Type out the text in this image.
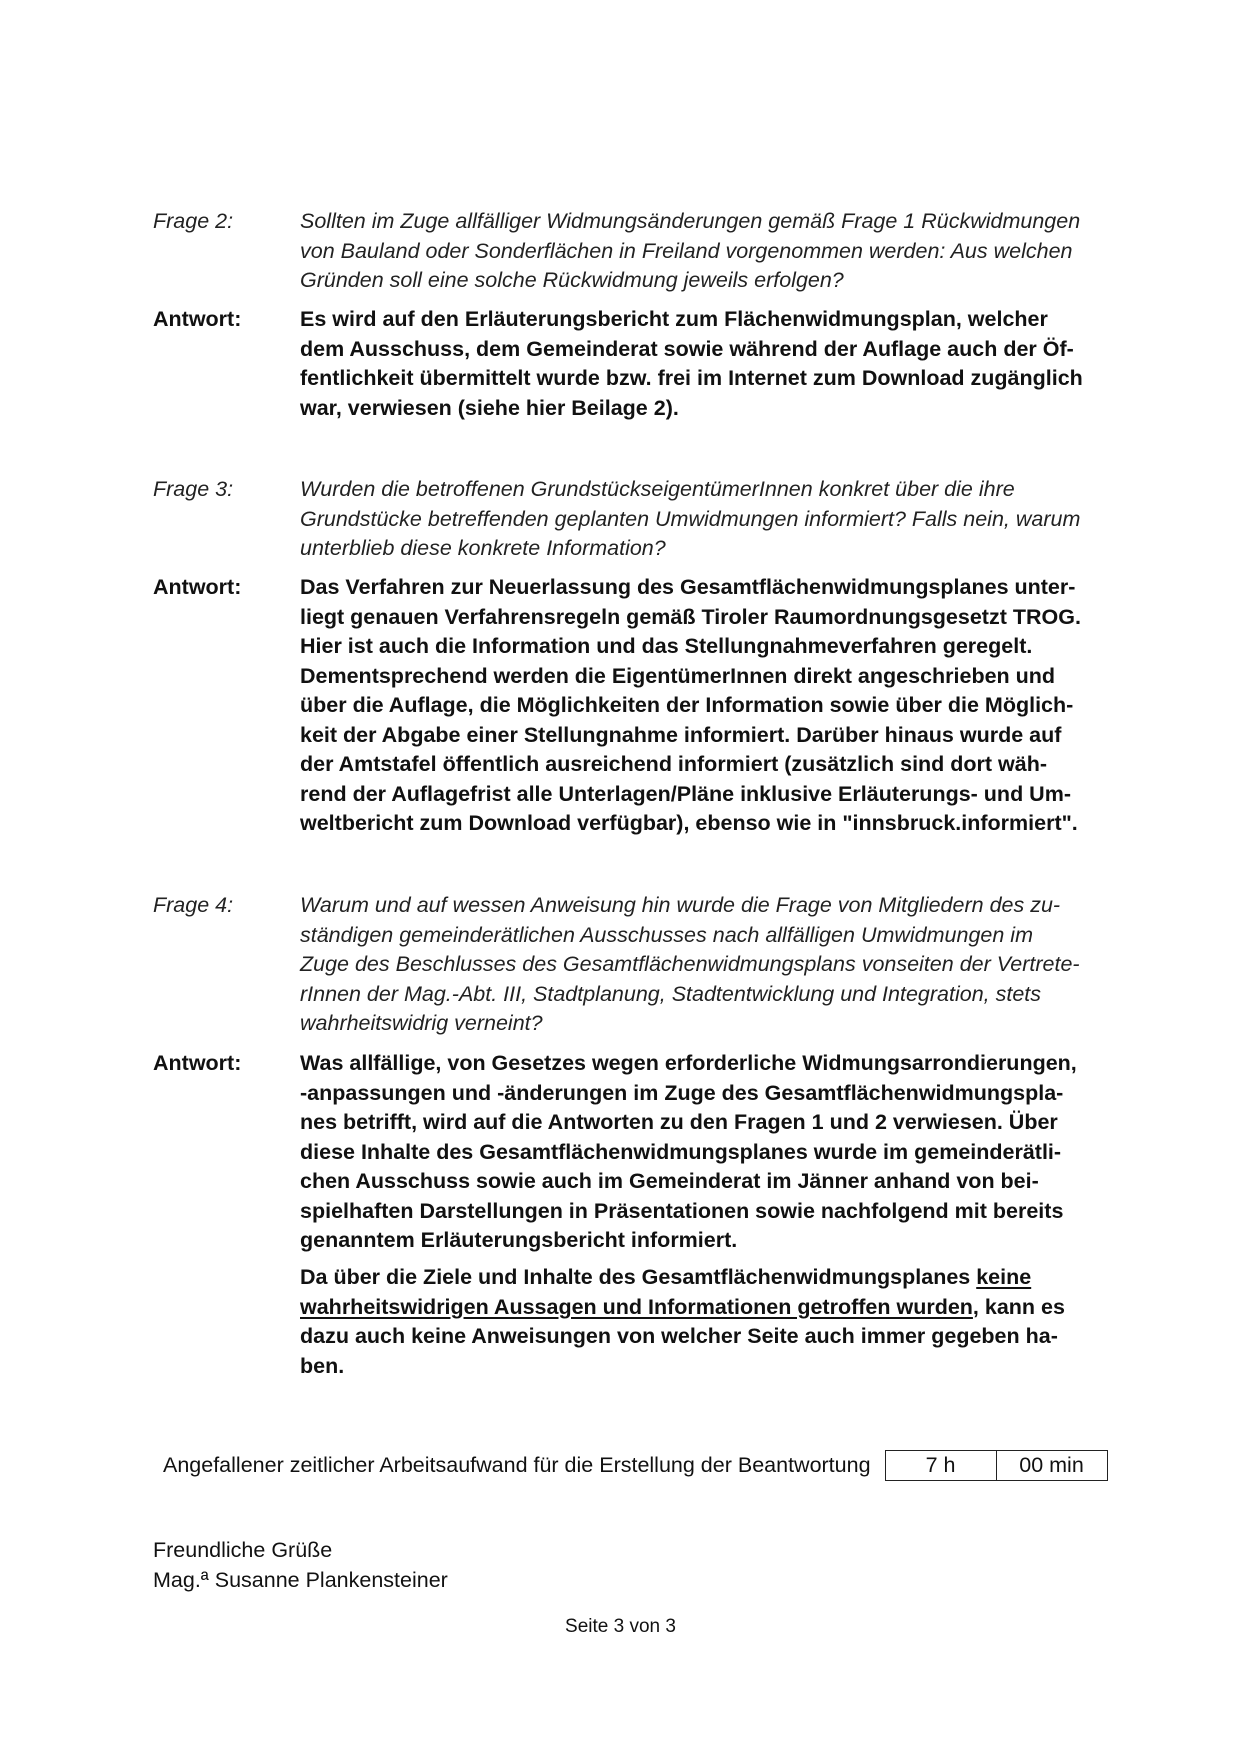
Frage 2:	Sollten im Zuge allfälliger Widmungsänderungen gemäß Frage 1 Rückwidmungen
von Bauland oder Sonderflächen in Freiland vorgenommen werden: Aus welchen
Gründen soll eine solche Rückwidmung jeweils erfolgen?
Antwort:	Es wird auf den Erläuterungsbericht zum Flächenwidmungsplan, welcher
dem Ausschuss, dem Gemeinderat sowie während der Auflage auch der Öf-
fentlichkeit übermittelt wurde bzw. frei im Internet zum Download zugänglich
war, verwiesen (siehe hier Beilage 2).
Frage 3:	Wurden die betroffenen GrundstückseigentümerInnen konkret über die ihre
Grundstücke betreffenden geplanten Umwidmungen informiert? Falls nein, warum
unterblieb diese konkrete Information?
Antwort:	Das Verfahren zur Neuerlassung des Gesamtflächenwidmungsplanes unter-
liegt genauen Verfahrensregeln gemäß Tiroler Raumordnungsgesetzt TROG.
Hier ist auch die Information und das Stellungnahmeverfahren geregelt.
Dementsprechend werden die EigentümerInnen direkt angeschrieben und
über die Auflage, die Möglichkeiten der Information sowie über die Möglich-
keit der Abgabe einer Stellungnahme informiert. Darüber hinaus wurde auf
der Amtstafel öffentlich ausreichend informiert (zusätzlich sind dort wäh-
rend der Auflagefrist alle Unterlagen/Pläne inklusive Erläuterungs- und Um-
weltbericht zum Download verfügbar), ebenso wie in "innsbruck.informiert".
Frage 4:	Warum und auf wessen Anweisung hin wurde die Frage von Mitgliedern des zu-
ständigen gemeinderätlichen Ausschusses nach allfälligen Umwidmungen im
Zuge des Beschlusses des Gesamtflächenwidmungsplans vonseiten der Vertrete-
rInnen der Mag.-Abt. III, Stadtplanung, Stadtentwicklung und Integration, stets
wahrheitswidrig verneint?
Antwort:	Was allfällige, von Gesetzes wegen erforderliche Widmungsarrondierungen,
-anpassungen und -änderungen im Zuge des Gesamtflächenwidmungspla-
nes betrifft, wird auf die Antworten zu den Fragen 1 und 2 verwiesen. Über
diese Inhalte des Gesamtflächenwidmungsplanes wurde im gemeinderätli-
chen Ausschuss sowie auch im Gemeinderat im Jänner anhand von bei-
spielhaften Darstellungen in Präsentationen sowie nachfolgend mit bereits
genanntem Erläuterungsbericht informiert.
Da über die Ziele und Inhalte des Gesamtflächenwidmungsplanes keine
wahrheitswidrigen Aussagen und Informationen getroffen wurden, kann es
dazu auch keine Anweisungen von welcher Seite auch immer gegeben ha-
ben.
Angefallener zeitlicher Arbeitsaufwand für die Erstellung der Beantwortung	7 h	00 min
Freundliche Grüße
Mag.ª Susanne Plankensteiner
Seite 3 von 3
